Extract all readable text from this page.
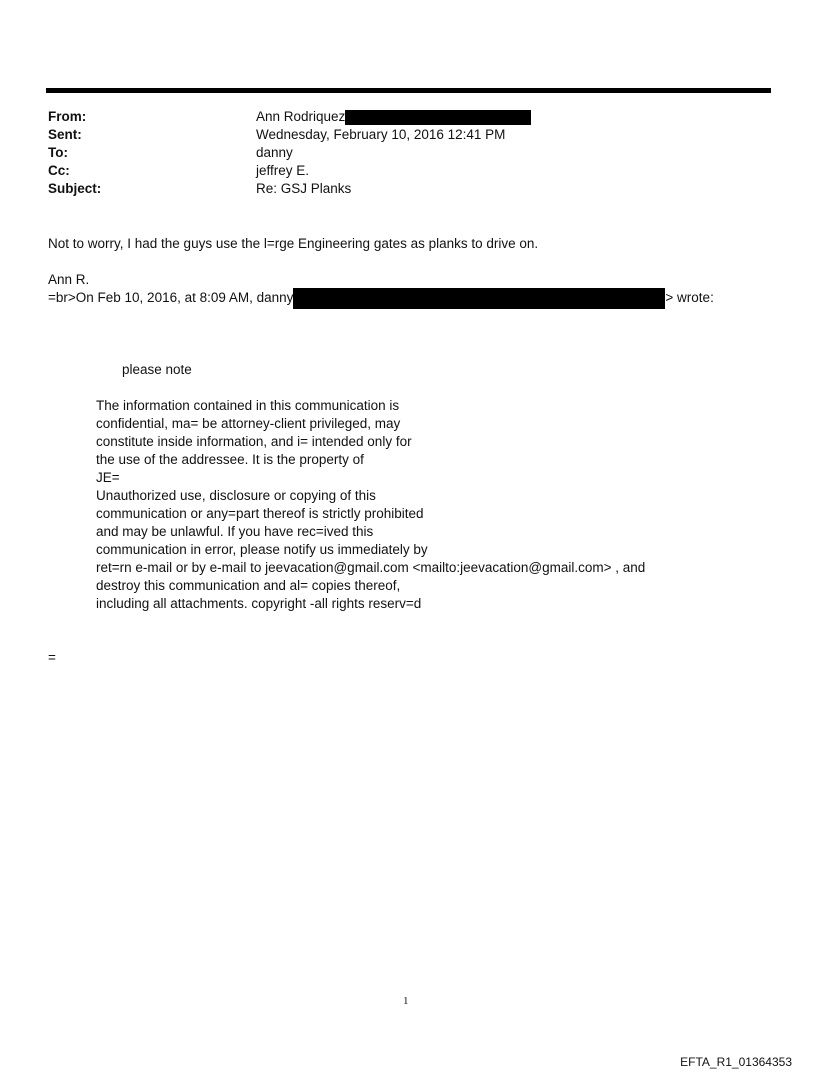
From:	Ann Rodriquez
Sent:	Wednesday, February 10, 2016 12:41 PM
To:	danny
Cc:	jeffrey E.
Subject:	Re: GSJ Planks
Not to worry, I had the guys use the l=rge Engineering gates as planks to drive on.
Ann R.
=br>On Feb 10, 2016, at 8:09 AM, danny	> wrote:
please note
The information contained in this communication is
confidential, ma= be attorney-client privileged, may
constitute inside information, and i= intended only for
the use of the addressee. It is the property of
JE=
Unauthorized use, disclosure or copying of this
communication or any=part thereof is strictly prohibited
and may be unlawful. If you have rec=ived this
communication in error, please notify us immediately by
ret=rn e-mail or by e-mail to jeevacation@gmail.com <mailto:jeevacation@gmail.com> , and
destroy this communication and al= copies thereof,
including all attachments. copyright -all rights reserv=d
=
1
EFTA_R1_01364353
